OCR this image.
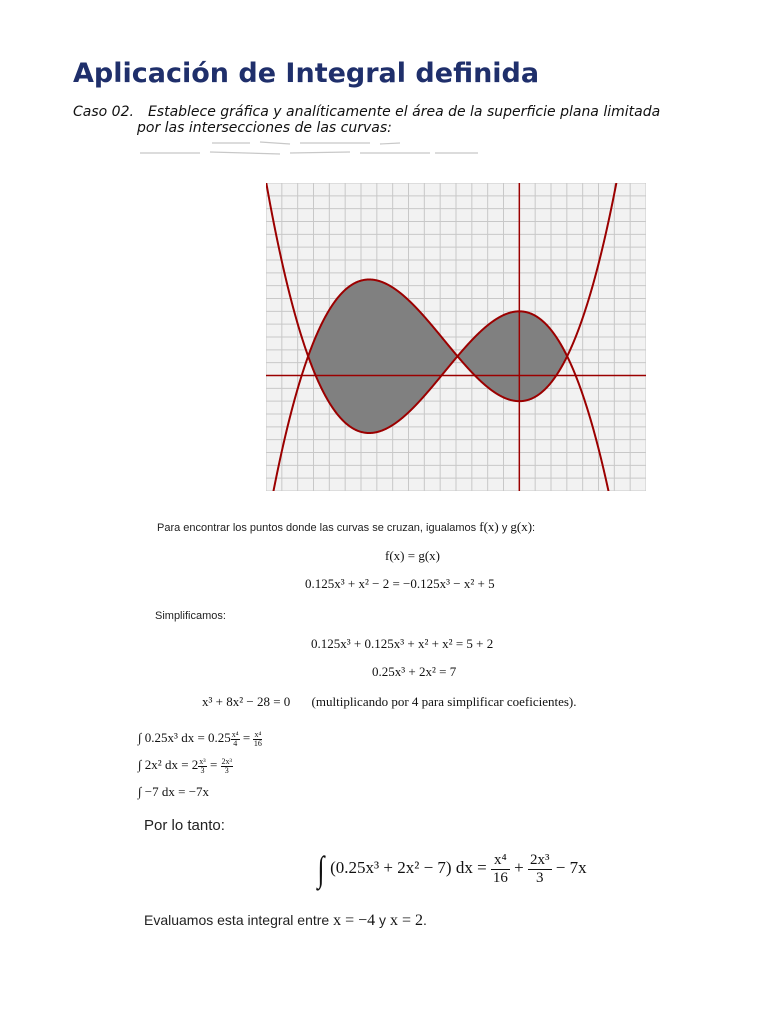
Aplicación de Integral definida
Caso 02. Establece gráfica y analíticamente el área de la superficie plana limitada
por las intersecciones de las curvas:
Para encontrar los puntos donde las curvas se cruzan, igualamos f(x) y g(x):
f(x) = g(x)
0.125x³ + x² − 2 = −0.125x³ − x² + 5
Simplificamos:
0.125x³ + 0.125x³ + x² + x² = 5 + 2
0.25x³ + 2x² = 7
x³ + 8x² − 28 = 0 (multiplicando por 4 para simplificar coeficientes).
∫ 0.25x³ dx = $0.25 \frac{\text{x⁴}}{4} = \frac{\text{x⁴}}{16}$
∫ 2x² dx = $2 \frac{\text{x³}}{3} = \frac{\text{2x³}}{3}$
∫ −7 dx = −7x
Por lo tanto:
∫ (0.25x³ + 2x² − 7) dx = $\frac{\text{x⁴}}{16} + \frac{\text{2x³}}{3} - 7x$
Evaluamos esta integral entre x = −4 y x = 2.
